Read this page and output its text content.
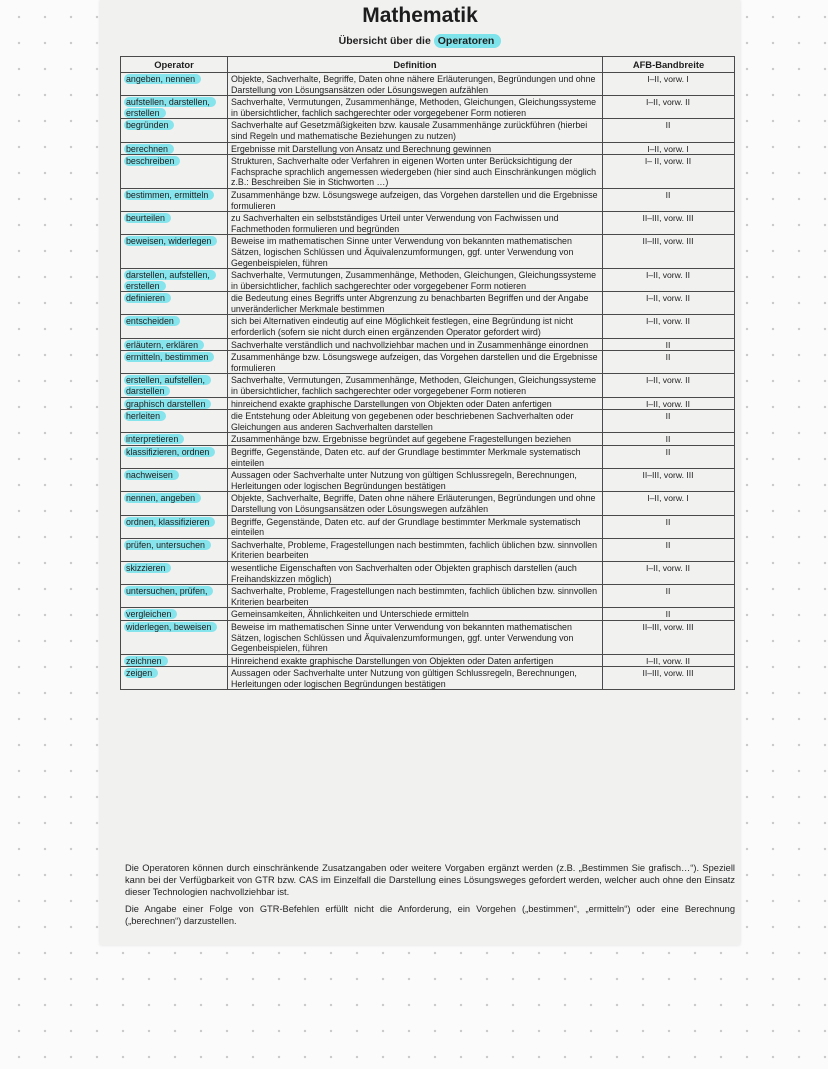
Mathematik
Übersicht über die Operatoren
Operator	Definition	AFB-Bandbreite
angeben, nennen	Objekte, Sachverhalte, Begriffe, Daten ohne nähere Erläuterungen, Begründungen und ohne Darstellung von Lösungsansätzen oder Lösungswegen aufzählen	I–II, vorw. I
aufstellen, darstellen, erstellen	Sachverhalte, Vermutungen, Zusammenhänge, Methoden, Gleichungen, Gleichungssysteme in übersichtlicher, fachlich sachgerechter oder vorgegebener Form notieren	I–II, vorw. II
begründen	Sachverhalte auf Gesetzmäßigkeiten bzw. kausale Zusammenhänge zurückführen (hierbei sind Regeln und mathematische Beziehungen zu nutzen)	II
berechnen	Ergebnisse mit Darstellung von Ansatz und Berechnung gewinnen	I–II, vorw. I
beschreiben	Strukturen, Sachverhalte oder Verfahren in eigenen Worten unter Berücksichtigung der Fachsprache sprachlich angemessen wiedergeben (hier sind auch Einschränkungen möglich z.B.: Beschreiben Sie in Stichworten …)	I– II, vorw. II
bestimmen, ermitteln	Zusammenhänge bzw. Lösungswege aufzeigen, das Vorgehen darstellen und die Ergebnisse formulieren	II
beurteilen	zu Sachverhalten ein selbstständiges Urteil unter Verwendung von Fachwissen und Fachmethoden formulieren und begründen	II–III, vorw. III
beweisen, widerlegen	Beweise im mathematischen Sinne unter Verwendung von bekannten mathematischen Sätzen, logischen Schlüssen und Äquivalenzumformungen, ggf. unter Verwendung von Gegenbeispielen, führen	II–III, vorw. III
darstellen, aufstellen, erstellen	Sachverhalte, Vermutungen, Zusammenhänge, Methoden, Gleichungen, Gleichungssysteme in übersichtlicher, fachlich sachgerechter oder vorgegebener Form notieren	I–II, vorw. II
definieren	die Bedeutung eines Begriffs unter Abgrenzung zu benachbarten Begriffen und der Angabe unveränderlicher Merkmale bestimmen	I–II, vorw. II
entscheiden	sich bei Alternativen eindeutig auf eine Möglichkeit festlegen, eine Begründung ist nicht erforderlich (sofern sie nicht durch einen ergänzenden Operator gefordert wird)	I–II, vorw. II
erläutern, erklären	Sachverhalte verständlich und nachvollziehbar machen und in Zusammenhänge einordnen	II
ermitteln, bestimmen	Zusammenhänge bzw. Lösungswege aufzeigen, das Vorgehen darstellen und die Ergebnisse formulieren	II
erstellen, aufstellen, darstellen	Sachverhalte, Vermutungen, Zusammenhänge, Methoden, Gleichungen, Gleichungssysteme in übersichtlicher, fachlich sachgerechter oder vorgegebener Form notieren	I–II, vorw. II
graphisch darstellen	hinreichend exakte graphische Darstellungen von Objekten oder Daten anfertigen	I–II, vorw. II
herleiten	die Entstehung oder Ableitung von gegebenen oder beschriebenen Sachverhalten oder Gleichungen aus anderen Sachverhalten darstellen	II
interpretieren	Zusammenhänge bzw. Ergebnisse begründet auf gegebene Fragestellungen beziehen	II
klassifizieren, ordnen	Begriffe, Gegenstände, Daten etc. auf der Grundlage bestimmter Merkmale systematisch einteilen	II
nachweisen	Aussagen oder Sachverhalte unter Nutzung von gültigen Schlussregeln, Berechnungen, Herleitungen oder logischen Begründungen bestätigen	II–III, vorw. III
nennen, angeben	Objekte, Sachverhalte, Begriffe, Daten ohne nähere Erläuterungen, Begründungen und ohne Darstellung von Lösungsansätzen oder Lösungswegen aufzählen	I–II, vorw. I
ordnen, klassifizieren	Begriffe, Gegenstände, Daten etc. auf der Grundlage bestimmter Merkmale systematisch einteilen	II
prüfen, untersuchen	Sachverhalte, Probleme, Fragestellungen nach bestimmten, fachlich üblichen bzw. sinnvollen Kriterien bearbeiten	II
skizzieren	wesentliche Eigenschaften von Sachverhalten oder Objekten graphisch darstellen (auch Freihandskizzen möglich)	I–II, vorw. II
untersuchen, prüfen,	Sachverhalte, Probleme, Fragestellungen nach bestimmten, fachlich üblichen bzw. sinnvollen Kriterien bearbeiten	II
vergleichen	Gemeinsamkeiten, Ähnlichkeiten und Unterschiede ermitteln	II
widerlegen, beweisen	Beweise im mathematischen Sinne unter Verwendung von bekannten mathematischen Sätzen, logischen Schlüssen und Äquivalenzumformungen, ggf. unter Verwendung von Gegenbeispielen, führen	II–III, vorw. III
zeichnen	Hinreichend exakte graphische Darstellungen von Objekten oder Daten anfertigen	I–II, vorw. II
zeigen	Aussagen oder Sachverhalte unter Nutzung von gültigen Schlussregeln, Berechnungen, Herleitungen oder logischen Begründungen bestätigen	II–III, vorw. III

Die Operatoren können durch einschränkende Zusatzangaben oder weitere Vorgaben ergänzt werden (z.B. „Bestimmen Sie grafisch…“). Speziell kann bei der Verfügbarkeit von GTR bzw. CAS im Einzelfall die Darstellung eines Lösungsweges gefordert werden, welcher auch ohne den Einsatz dieser Technologien nachvollziehbar ist.

Die Angabe einer Folge von GTR-Befehlen erfüllt nicht die Anforderung, ein Vorgehen („bestimmen“, „ermitteln“) oder eine Berechnung („berechnen“) darzustellen.
